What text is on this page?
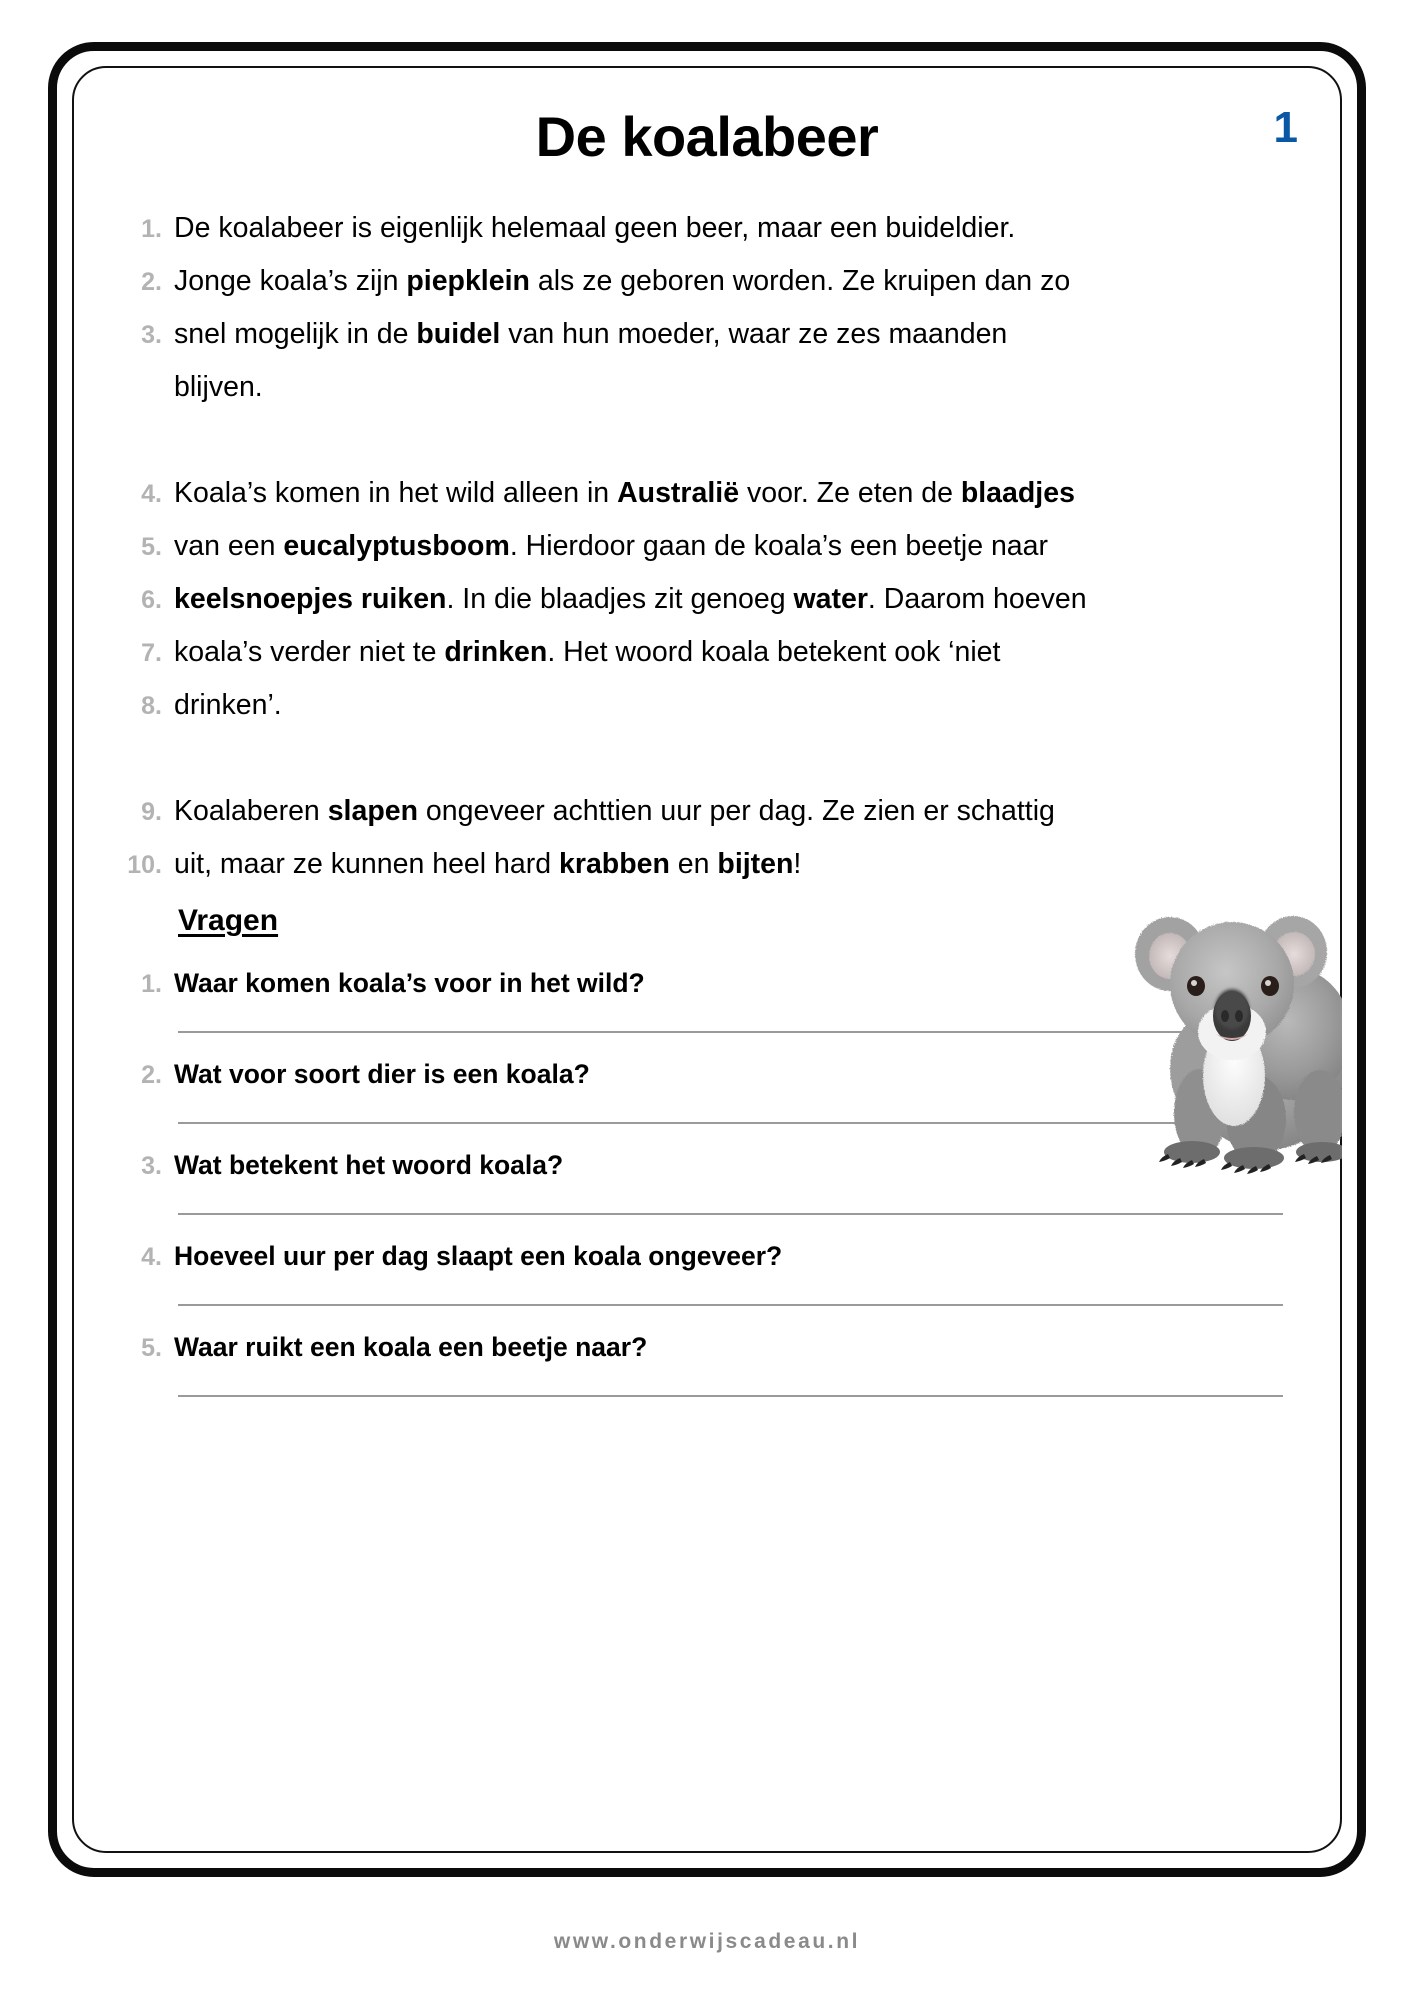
De koalabeer	1
1. De koalabeer is eigenlijk helemaal geen beer, maar een buideldier.
2. Jonge koala’s zijn piepklein als ze geboren worden. Ze kruipen dan zo
3. snel mogelijk in de buidel van hun moeder, waar ze zes maanden
blijven.
4. Koala’s komen in het wild alleen in Australië voor. Ze eten de blaadjes
5. van een eucalyptusboom. Hierdoor gaan de koala’s een beetje naar
6. keelsnoepjes ruiken. In die blaadjes zit genoeg water. Daarom hoeven
7. koala’s verder niet te drinken. Het woord koala betekent ook ‘niet
8. drinken’.
9. Koalaberen slapen ongeveer achttien uur per dag. Ze zien er schattig
10. uit, maar ze kunnen heel hard krabben en bijten!
Vragen
1. Waar komen koala’s voor in het wild?
2. Wat voor soort dier is een koala?
3. Wat betekent het woord koala?
4. Hoeveel uur per dag slaapt een koala ongeveer?
5. Waar ruikt een koala een beetje naar?
www.onderwijscadeau.nl
